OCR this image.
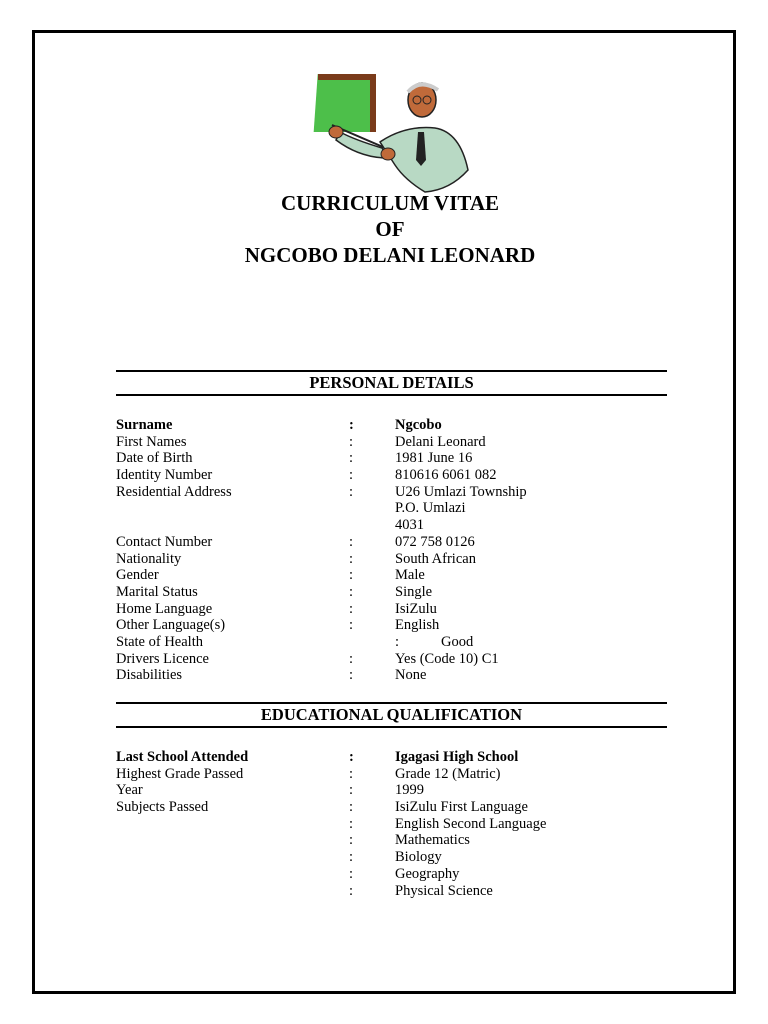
CURRICULUM VITAE
OF
NGCOBO DELANI LEONARD
PERSONAL DETAILS
Surname	:	Ngcobo
First Names	:	Delani Leonard
Date of Birth	:	1981 June 16
Identity Number	:	810616 6061 082
Residential Address	:	U26 Umlazi Township
P.O. Umlazi
4031
Contact Number	:	072 758 0126
Nationality	:	South African
Gender	:	Male
Marital Status	:	Single
Home Language	:	IsiZulu
Other Language(s)	:	English
State of Health	:	Good
Drivers Licence	:	Yes (Code 10) C1
Disabilities	:	None
EDUCATIONAL QUALIFICATION
Last School Attended	:	Igagasi High School
Highest Grade Passed	:	Grade 12 (Matric)
Year	:	1999
Subjects Passed	:	IsiZulu First Language
:	English Second Language
:	Mathematics
:	Biology
:	Geography
:	Physical Science
